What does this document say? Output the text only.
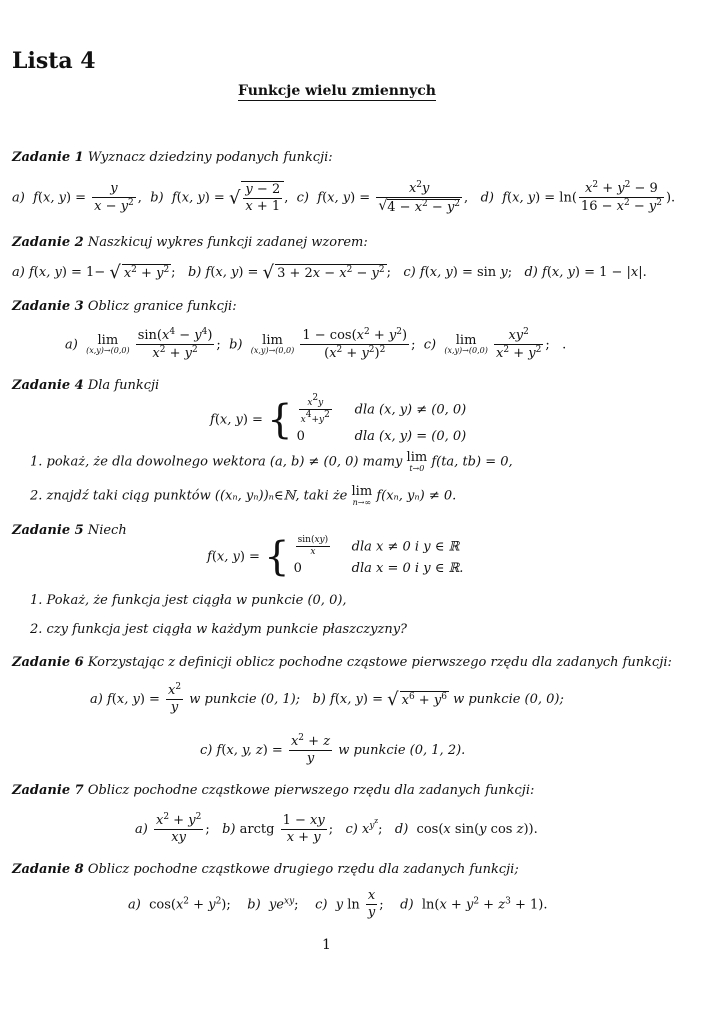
Lista 4
Funkcje wielu zmiennych
Zadanie 1 Wyznacz dziedziny podanych funkcji:
a) f(x, $y) = \frac{y}{x - y^2}$ ,  b) f(x, y) = √ $\frac{y - 2}{x + 1}$ ,  c) f(x, $y) = \frac{x^2y}{√4 - x^2 - y^2}$ ,   d) f(x, $y) = \ln( \frac{x^2 + y^2 - 9}{16 - x^2 - y^2}$ ).
Zadanie 2 Naszkicuj wykres funkcji zadanej wzorem:
a) f(x, y) = 1− √ $x^2 + y^2$ ;   b) f(x, y) = √ $3 + 2x - x^2 - y^2$ ;   c) f(x, y) = sin y;   d) f(x, y) = 1 − |x|.
Zadanie 3 Oblicz granice funkcji:
a) lim
(x,y)→(0,0)
$\frac{\sin(x^4 - y^4)}{x^2 + y^2}$ ;  b) lim
(x,y)→(0,0)
$\frac{1 - \cos(x^2 + y^2)}{(x^2 + y^2)^2}$ ;  c) lim
(x,y)→(0,0)
$\frac{xy^2}{x^2 + y^2}$ ;   .
Zadanie 4 Dla funkcji
f(x, y) = { $\frac{x^2y}{x^4+y^2}$ dla (x, y) ≠ (0, 0)
0	dla (x, y) = (0, 0)
1. pokaż, że dla dowolnego wektora (a, b) ≠ (0, 0) mamy lim
t→0 f(ta, tb) = 0,
2. znajdź taki ciąg punktów ((xₙ, yₙ))ₙ∈ℕ, taki że lim
n→∞ f(xₙ, yₙ) ≠ 0.
Zadanie 5 Niech
f(x, y) = { $\frac{\sin(xy)}{x}$ dla x ≠ 0 i y ∈ ℝ
0	dla x = 0 i y ∈ ℝ.
1. Pokaż, że funkcja jest ciągła w punkcie (0, 0),
2. czy funkcja jest ciągła w każdym punkcie płaszczyzny?
Zadanie 6 Korzystając z definicji oblicz pochodne cząstowe pierwszego rzędu dla zadanych funkcji:
a) f(x, $y) = \frac{x^2}{y}$ w punkcie (0, 1); b) f(x, y) = √ $x^6 + y^6$ w punkcie (0, 0);
c) f(x, y, $z) = \frac{x^2 + z}{y}$ w punkcie (0, 1, 2).
Zadanie 7 Oblicz pochodne cząstkowe pierwszego rzędu dla zadanych funkcji:
$a) \frac{x^2 + y^2}{xy}$ ;   b) arctg $\frac{1 - xy}{x + y}$ ;   c) $x^{y^z}$;   d)  cos(x sin(y cos z)).
Zadanie 8 Oblicz pochodne cząstkowe drugiego rzędu dla zadanych funkcji;
a)  $\cos(x^2 + y^2)$;    b) $ye^{xy}$;    c) y $\ln \frac{x}{y}$ ;    d)  $\ln(x + y^2 + z^3 + 1)$.
1
